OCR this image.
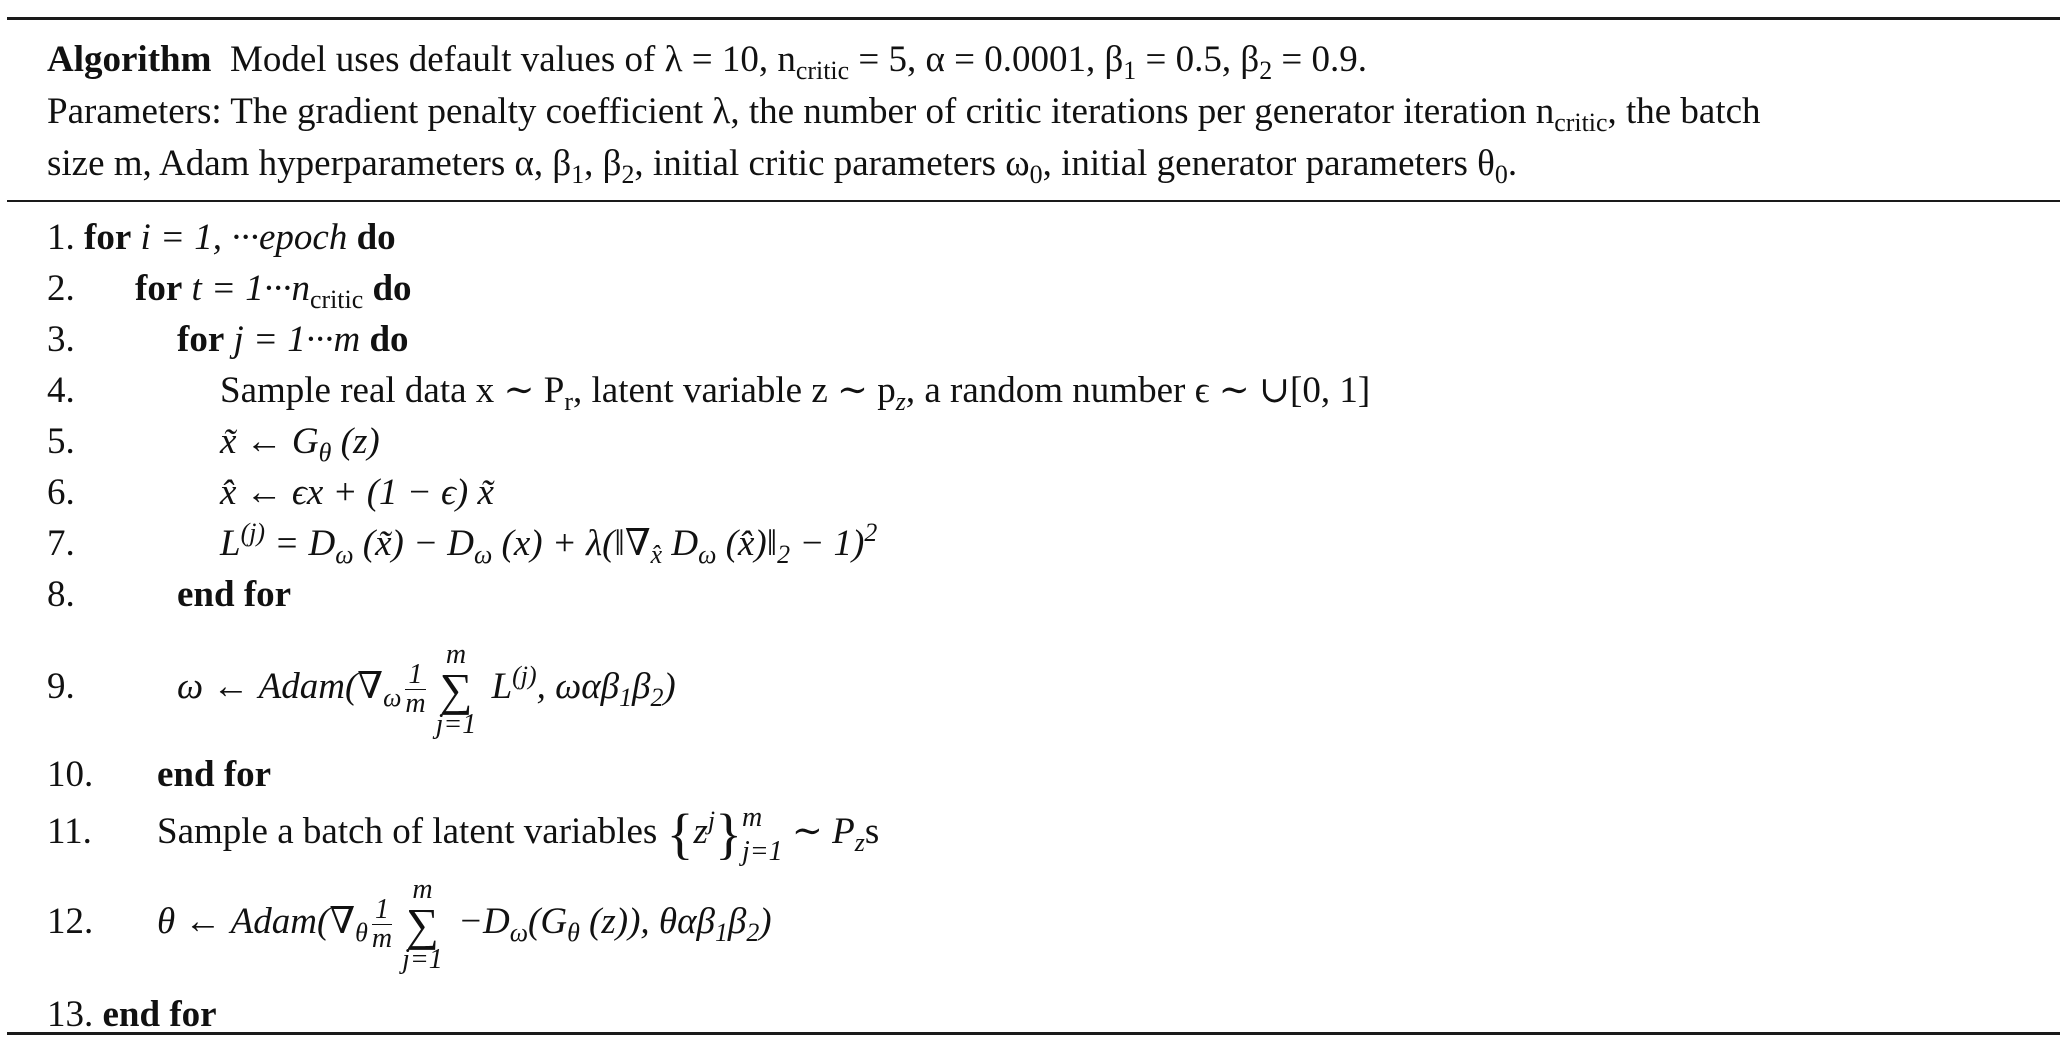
Algorithm Model uses default values of λ = 10, $n_{critic} = 5$, α = 0.0001, $\beta_1 = 0.5$, $\beta_2 = 0.9$.

Parameters: The gradient penalty coefficient λ, the number of critic iterations per generator iteration $n_{critic}$, the batch

size m, Adam hyperparameters α, $\beta_1$, $\beta_2$, initial critic parameters $\omega_0$, initial generator parameters $\theta_0$.

1. for i = 1, ···epoch do
2. for $t = 1\cdot\cdot\cdot n_{critic}$ do
3.	for j = 1···m do
4.	Sample real data x ∼ $P_r$, latent variable z ∼ $p_z$, a random number ϵ ∼ ∪[0, 1]
5.	x̃ ← $G_\theta$ (z)
6.	x̂ ← ϵx + (1 − ϵ) x̃
7.	$L^{(j)} = D_\omega$ (x̃) − $D_\omega$ $(x) + \lambda(‖\nabla_{x̂}$ $D_\omega$ $(x̂)‖_2 - 1)^2$
8.	end for
9.	ω ← $Adam(\nabla_\omega \frac{1}{m}$
m
∑
j=1
$L^{(j)}$, $\omega\alpha\beta_1\beta_2$)
10. end for
11. Sample a batch of latent variables $\{z^j\}$ m
j=1 ∼ $P_zs$
12. θ ← $Adam(\nabla_\theta \frac{1}{m}$
m
∑
j=1
$-D_\omega(G_\theta$ (z)), $\theta\alpha\beta_1\beta_2$)
13. end for
